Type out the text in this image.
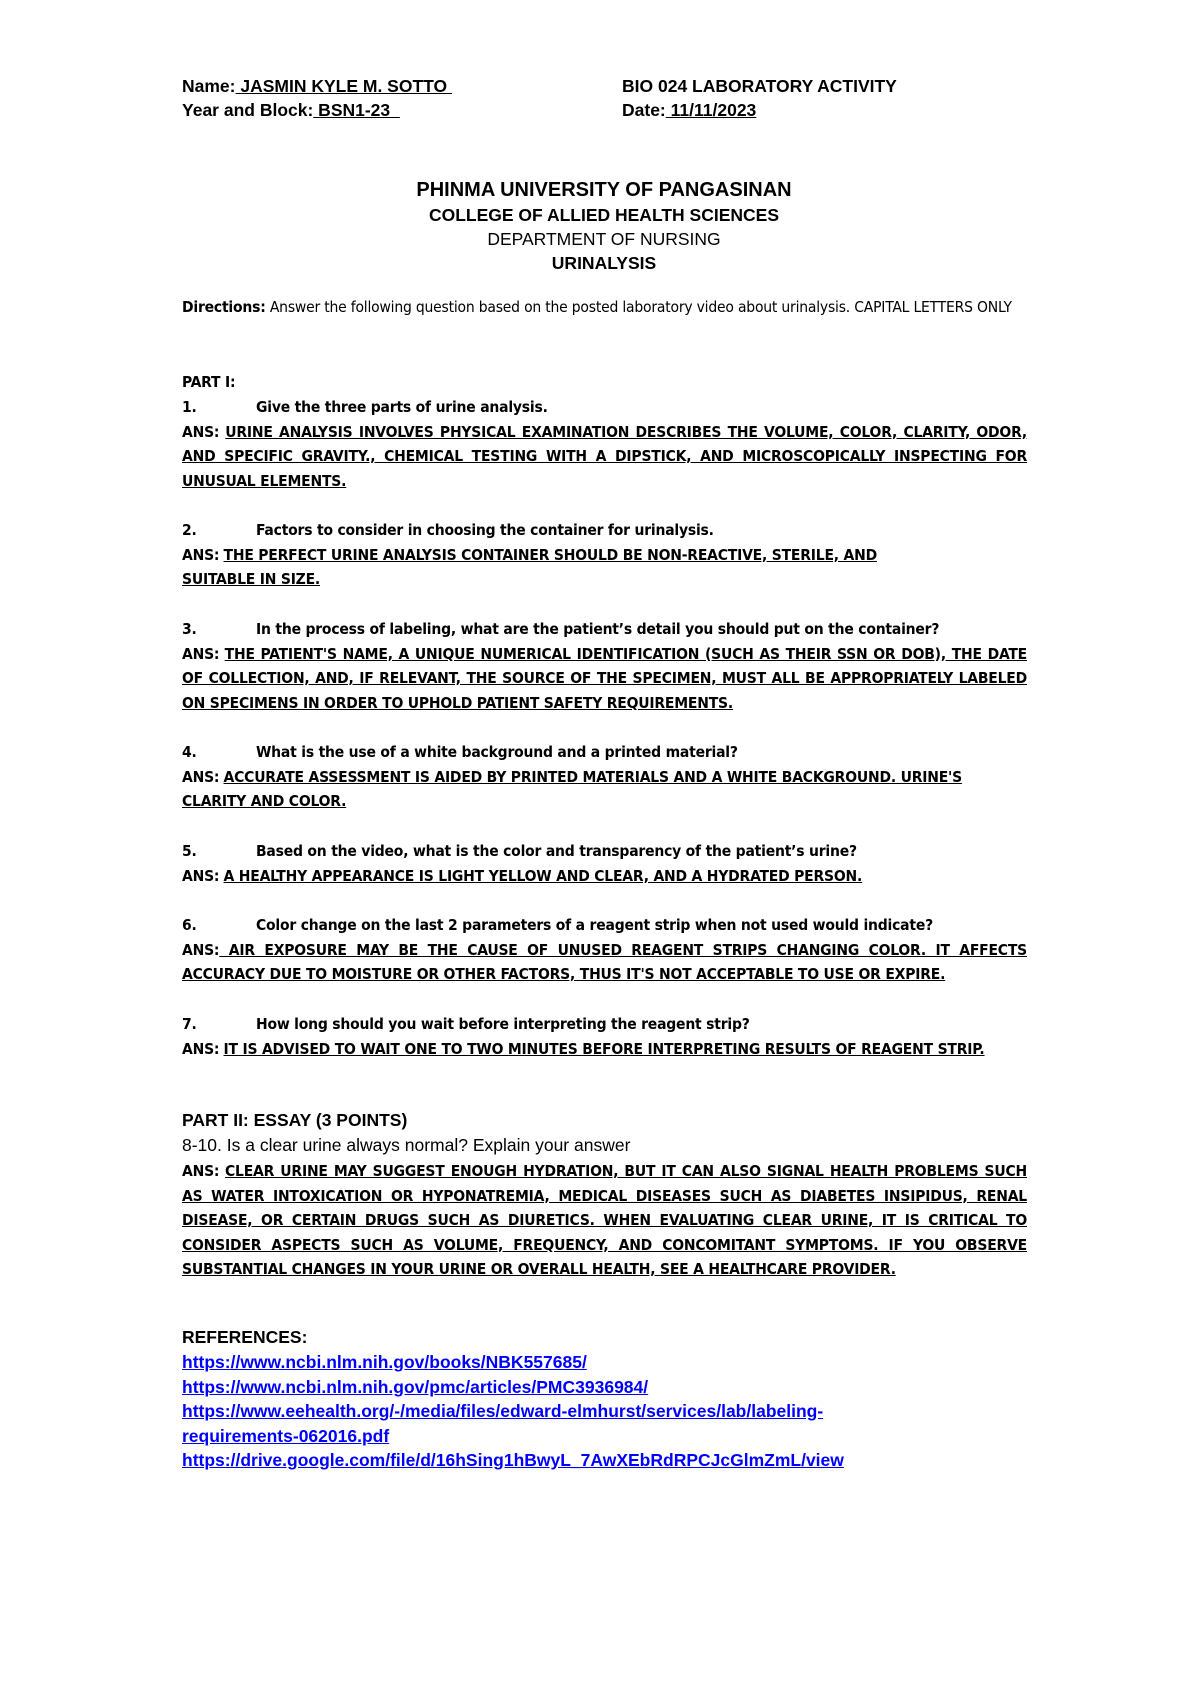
Name: JASMIN KYLE M. SOTTO
Year and Block: BSN1-23
BIO 024 LABORATORY ACTIVITY
Date: 11/11/2023
PHINMA UNIVERSITY OF PANGASINAN
COLLEGE OF ALLIED HEALTH SCIENCES
DEPARTMENT OF NURSING
URINALYSIS
Directions: Answer the following question based on the posted laboratory video about urinalysis. CAPITAL LETTERS ONLY
PART I:
1.	Give the three parts of urine analysis.
ANS: URINE ANALYSIS INVOLVES PHYSICAL EXAMINATION DESCRIBES THE VOLUME, COLOR, CLARITY, ODOR, AND SPECIFIC GRAVITY., CHEMICAL TESTING WITH A DIPSTICK, AND MICROSCOPICALLY INSPECTING FOR UNUSUAL ELEMENTS.
2.	Factors to consider in choosing the container for urinalysis.
ANS: THE PERFECT URINE ANALYSIS CONTAINER SHOULD BE NON-REACTIVE, STERILE, AND SUITABLE IN SIZE.
3.	In the process of labeling, what are the patient’s detail you should put on the container?
ANS: THE PATIENT'S NAME, A UNIQUE NUMERICAL IDENTIFICATION (SUCH AS THEIR SSN OR DOB), THE DATE OF COLLECTION, AND, IF RELEVANT, THE SOURCE OF THE SPECIMEN, MUST ALL BE APPROPRIATELY LABELED ON SPECIMENS IN ORDER TO UPHOLD PATIENT SAFETY REQUIREMENTS.
4.	What is the use of a white background and a printed material?
ANS: ACCURATE ASSESSMENT IS AIDED BY PRINTED MATERIALS AND A WHITE BACKGROUND. URINE'S CLARITY AND COLOR.
5.	Based on the video, what is the color and transparency of the patient’s urine?
ANS: A HEALTHY APPEARANCE IS LIGHT YELLOW AND CLEAR, AND A HYDRATED PERSON.
6.	Color change on the last 2 parameters of a reagent strip when not used would indicate?
ANS: AIR EXPOSURE MAY BE THE CAUSE OF UNUSED REAGENT STRIPS CHANGING COLOR. IT AFFECTS ACCURACY DUE TO MOISTURE OR OTHER FACTORS, THUS IT'S NOT ACCEPTABLE TO USE OR EXPIRE.
7.	How long should you wait before interpreting the reagent strip?
ANS: IT IS ADVISED TO WAIT ONE TO TWO MINUTES BEFORE INTERPRETING RESULTS OF REAGENT STRIP.
PART II: ESSAY (3 POINTS)
8-10. Is a clear urine always normal? Explain your answer
ANS: CLEAR URINE MAY SUGGEST ENOUGH HYDRATION, BUT IT CAN ALSO SIGNAL HEALTH PROBLEMS SUCH AS WATER INTOXICATION OR HYPONATREMIA, MEDICAL DISEASES SUCH AS DIABETES INSIPIDUS, RENAL DISEASE, OR CERTAIN DRUGS SUCH AS DIURETICS. WHEN EVALUATING CLEAR URINE, IT IS CRITICAL TO CONSIDER ASPECTS SUCH AS VOLUME, FREQUENCY, AND CONCOMITANT SYMPTOMS. IF YOU OBSERVE SUBSTANTIAL CHANGES IN YOUR URINE OR OVERALL HEALTH, SEE A HEALTHCARE PROVIDER.
REFERENCES:
https://www.ncbi.nlm.nih.gov/books/NBK557685/
https://www.ncbi.nlm.nih.gov/pmc/articles/PMC3936984/
https://www.eehealth.org/-/media/files/edward-elmhurst/services/lab/labeling-
requirements-062016.pdf
https://drive.google.com/file/d/16hSing1hBwyL_7AwXEbRdRPCJcGlmZmL/view
